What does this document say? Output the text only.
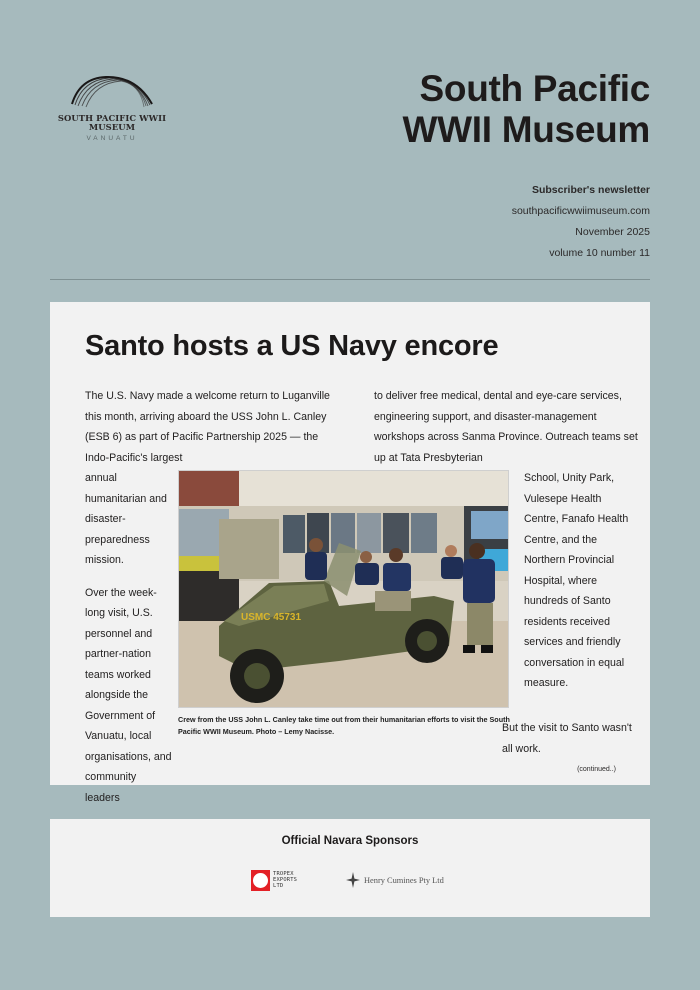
SOUTH PACIFIC WWII
MUSEUM
VANUATU
South Pacific
WWII Museum
Subscriber's newsletter
southpacificwwiimuseum.com
November 2025
volume 10 number 11
Santo hosts a US Navy encore
The U.S. Navy made a welcome return to Luganville this month, arriving aboard the USS John L. Canley (ESB 6) as part of Pacific Partnership 2025 — the Indo-Pacific's largest
to deliver free medical, dental and eye-care services, engineering support, and disaster-management workshops across Sanma Province. Outreach teams set up at Tata Presbyterian

annual humanitarian and disaster-preparedness mission.

Over the week-long visit, U.S. personnel and partner-nation teams worked alongside the Government of Vanuatu, local organisations, and community leaders

USMC 45731
Crew from the USS John L. Canley take time out from their humanitarian efforts to visit the South Pacific WWII Museum. Photo – Lemy Nacisse.
School, Unity Park, Vulesepe Health Centre, Fanafo Health Centre, and the Northern Provincial Hospital, where hundreds of Santo residents received services and friendly conversation in equal measure.
But the visit to Santo wasn't all work.
(continued..)
Official Navara Sponsors
TROPEX
EXPORTS
LTD
Henry Cumines Pty Ltd
